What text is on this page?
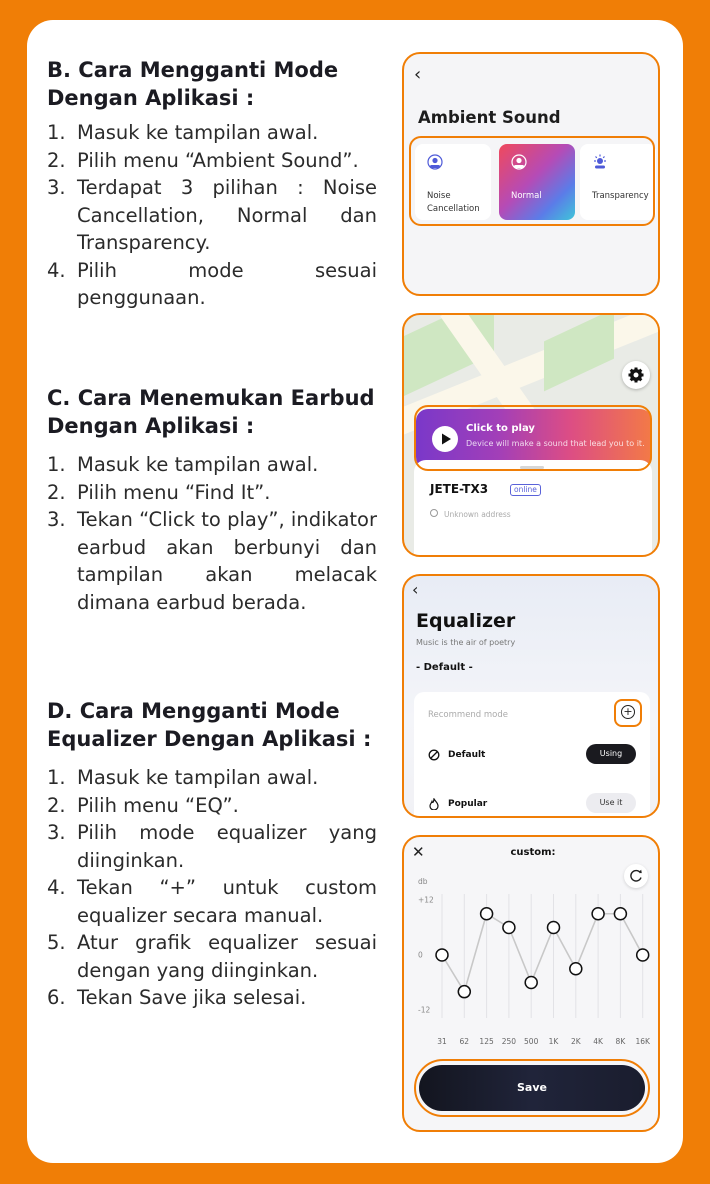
B. Cara Mengganti Mode
Dengan Aplikasi :
1. Masuk ke tampilan awal.
2. Pilih menu “Ambient Sound”.
3. Terdapat 3 pilihan : Noise Cancellation, Normal dan Transparency.
4. Pilih mode sesuai penggunaan.
C. Cara Menemukan Earbud
Dengan Aplikasi :
1. Masuk ke tampilan awal.
2. Pilih menu “Find It”.
3. Tekan “Click to play”, indikator earbud akan berbunyi dan tampilan akan melacak dimana earbud berada.
D. Cara Mengganti Mode
Equalizer Dengan Aplikasi :
1. Masuk ke tampilan awal.
2. Pilih menu “EQ”.
3. Pilih mode equalizer yang diinginkan.
4. Tekan “+” untuk custom equalizer secara manual.
5. Atur grafik equalizer sesuai dengan yang diinginkan.
6. Tekan Save jika selesai.
‹
Ambient Sound
Noise Cancellation
Normal	Transparency
Click to play
Device will make a sound that lead you to it.
JETE-TX3	online
Unknown address
‹
Equalizer
Music is the air of poetry
- Default -
Recommend mode	+
Default	Using
Popular	Use it
✕	custom:
db
+12
0
-12
31 62 125 250 500 1K 2K 4K 8K 16K
Save
